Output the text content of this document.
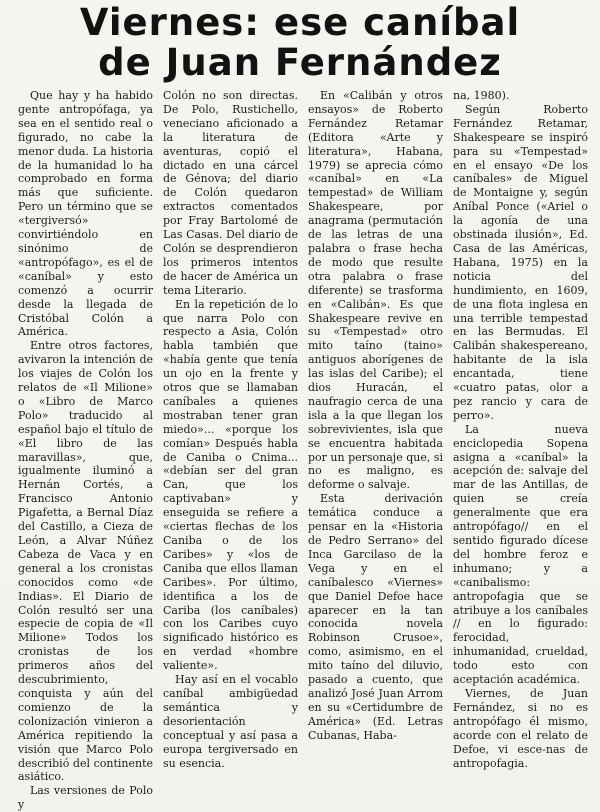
Viernes: ese caníbal
de Juan Fernández

Que hay y ha habido gente antropófaga, ya sea en el sentido real o figurado, no cabe la menor duda. La historia de la humanidad lo ha comprobado en forma más que suficiente. Pero un término que se «tergiversó» convirtiéndolo en sinónimo de «antropófago», es el de «caníbal» y esto comenzó a ocurrir desde la llegada de Cristóbal Colón a América.

Entre otros factores, avivaron la intención de los viajes de Colón los relatos de «Il Milione» o «Libro de Marco Polo» traducido al español bajo el título de «El libro de las maravillas», que, igualmente iluminó a Hernán Cortés, a Francisco Antonio Pigafetta, a Bernal Díaz del Castillo, a Cieza de León, a Alvar Núñez Cabeza de Vaca y en general a los cronistas conocidos como «de Indias». El Diario de Colón resultó ser una especie de copia de «Il Milione» Todos los cronistas de los primeros años del descubrimiento, conquista y aún del comienzo de la colonización vinieron a América repitiendo la visión que Marco Polo describió del continente asiático.

Las versiones de Polo y

Colón no son directas. De Polo, Rustichello, veneciano aficionado a la literatura de aventuras, copió el dictado en una cárcel de Génova; del diario de Colón quedaron extractos comentados por Fray Bartolomé de Las Casas. Del diario de Colón se desprendieron los primeros intentos de hacer de América un tema Literario.

En la repetición de lo que narra Polo con respecto a Asia, Colón habla también que «había gente que tenía un ojo en la frente y otros que se llamaban caníbales a quienes mostraban tener gran miedo»... «porque los comían» Después habla de Caniba o Cnima... «debían ser del gran Can, que los captivaban» y enseguida se refiere a «ciertas flechas de los Caniba o de los Caribes» y «los de Caniba que ellos llaman Caribes». Por último, identifica a los de Cariba (los caníbales) con los Caribes cuyo significado histórico es en verdad «hombre valiente».

Hay así en el vocablo caníbal ambigüedad semántica y desorientación conceptual y así pasa a europa tergiversado en su esencia.

En «Calibán y otros ensayos» de Roberto Fernández Retamar (Editora «Arte y literatura», Habana, 1979) se aprecia cómo «caníbal» en «La tempestad» de William Shakespeare, por anagrama (permutación de las letras de una palabra o frase hecha de modo que resulte otra palabra o frase diferente) se trasforma en «Calibán». Es que Shakespeare revive en su «Tempestad» otro mito taíno (taino» antiguos aborígenes de las islas del Caribe); el dios Huracán, el naufragio cerca de una isla a la que llegan los sobrevivientes, isla que se encuentra habitada por un personaje que, si no es maligno, es deforme o salvaje.

Esta derivación temática conduce a pensar en la «Historia de Pedro Serrano» del Inca Garcilaso de la Vega y en el caníbalesco «Viernes» que Daniel Defoe hace aparecer en la tan conocida novela Robinson Crusoe», como, asimismo, en el mito taíno del diluvio, pasado a cuento, que analizó José Juan Arrom en su «Certidumbre de América» (Ed. Letras Cubanas, Haba-

na, 1980).

Según Roberto Fernández Retamar, Shakespeare se inspiró para su «Tempestad» en el ensayo «De los caníbales» de Miguel de Montaigne y, según Aníbal Ponce («Ariel o la agonía de una obstinada ilusión», Ed. Casa de las Américas, Habana, 1975) en la noticia del hundimiento, en 1609, de una flota inglesa en una terrible tempestad en las Bermudas. El Calibán shakespereano, habitante de la isla encantada, tiene «cuatro patas, olor a pez rancio y cara de perro».

La nueva enciclopedia Sopena asigna a «caníbal» la acepción de: salvaje del mar de las Antillas, de quien se creía generalmente que era antropófago// en el sentido figurado dícese del hombre feroz e inhumano; y a «canibalismo: antropofagia que se atribuye a los caníbales // en lo figurado: ferocidad, inhumanidad, crueldad, todo esto con aceptación académica.

Viernes, de Juan Fernández, si no es antropófago él mismo, acorde con el relato de Defoe, vi esce-nas de antropofagia.
